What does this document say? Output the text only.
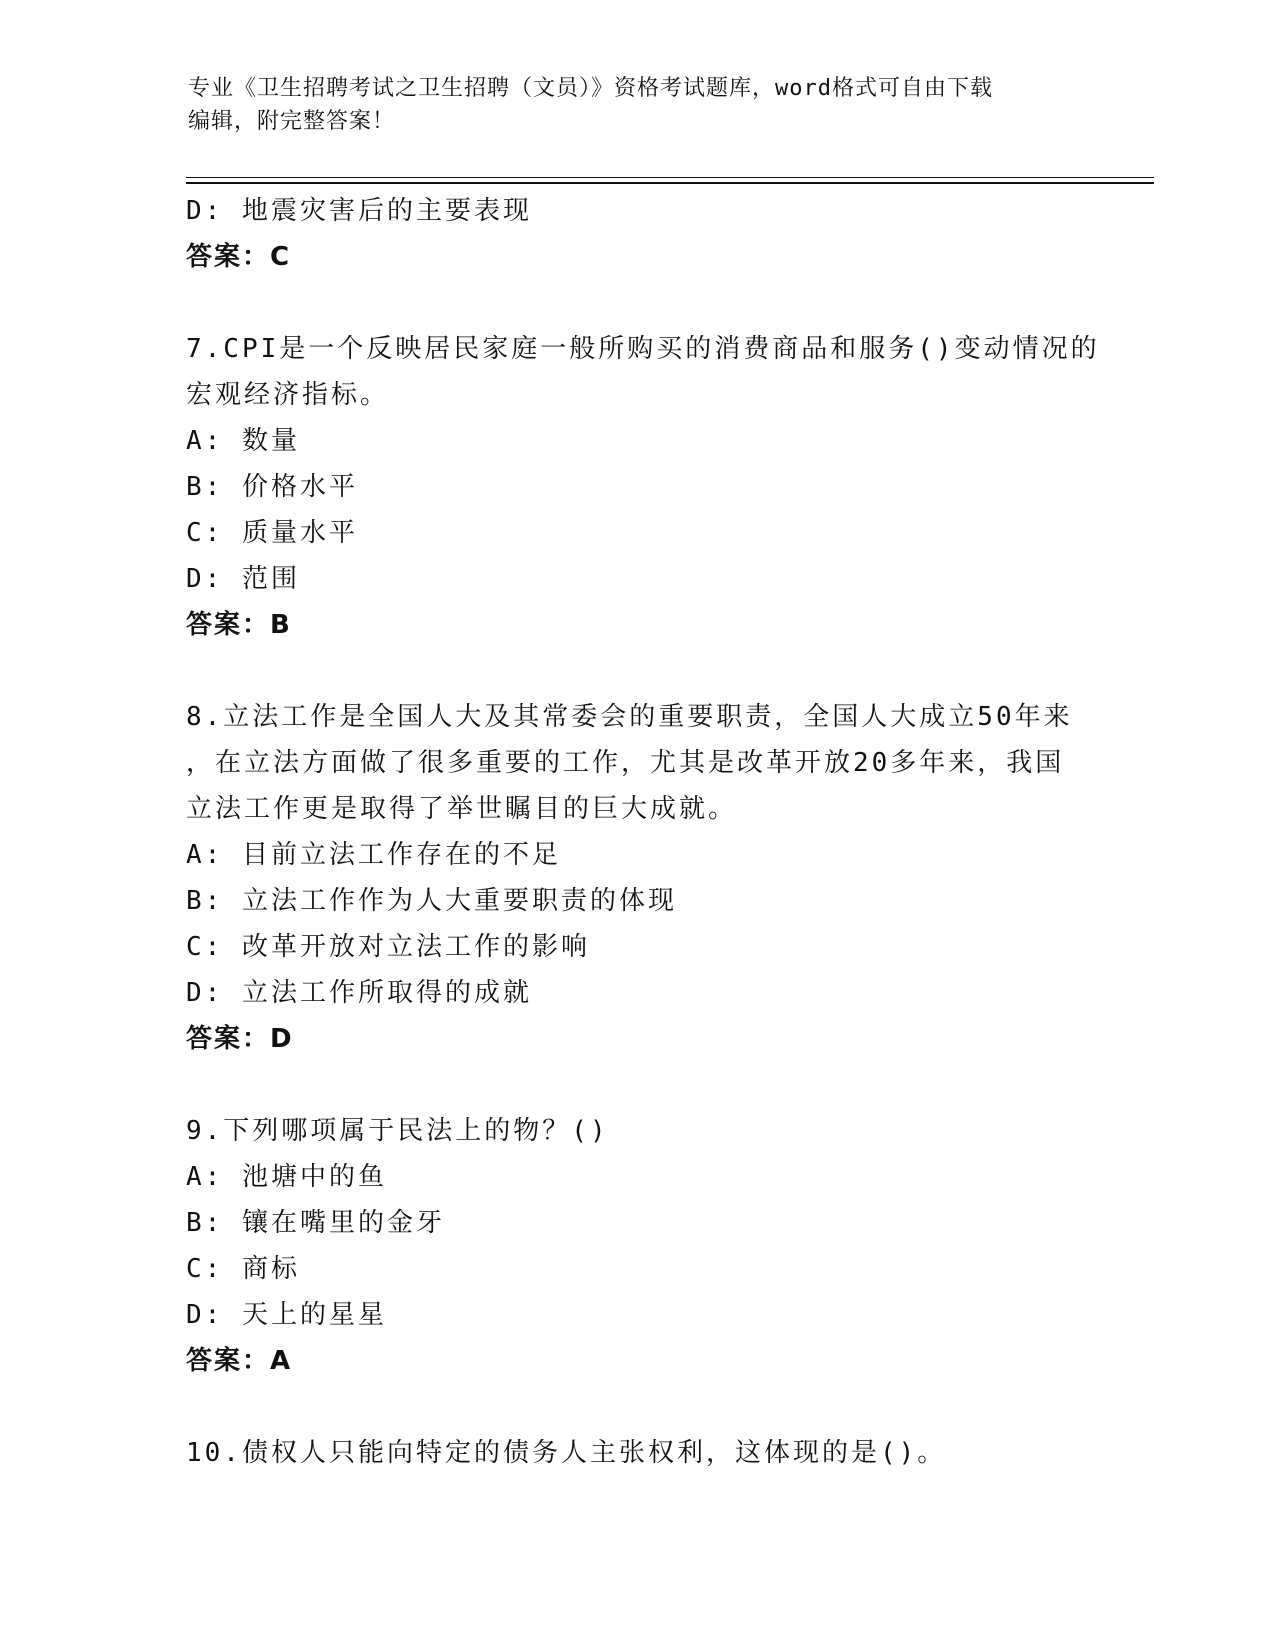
专业《卫生招聘考试之卫生招聘（文员）》资格考试题库，word格式可自由下载
编辑，附完整答案！
D: 地震灾害后的主要表现
答案：C
7.CPI是一个反映居民家庭一般所购买的消费商品和服务()变动情况的
宏观经济指标。
A: 数量
B: 价格水平
C: 质量水平
D: 范围
答案：B
8.立法工作是全国人大及其常委会的重要职责，全国人大成立50年来
，在立法方面做了很多重要的工作，尤其是改革开放20多年来，我国
立法工作更是取得了举世瞩目的巨大成就。
A: 目前立法工作存在的不足
B: 立法工作作为人大重要职责的体现
C: 改革开放对立法工作的影响
D: 立法工作所取得的成就
答案：D
9.下列哪项属于民法上的物？()
A: 池塘中的鱼
B: 镶在嘴里的金牙
C: 商标
D: 天上的星星
答案：A
10.债权人只能向特定的债务人主张权利，这体现的是()。
